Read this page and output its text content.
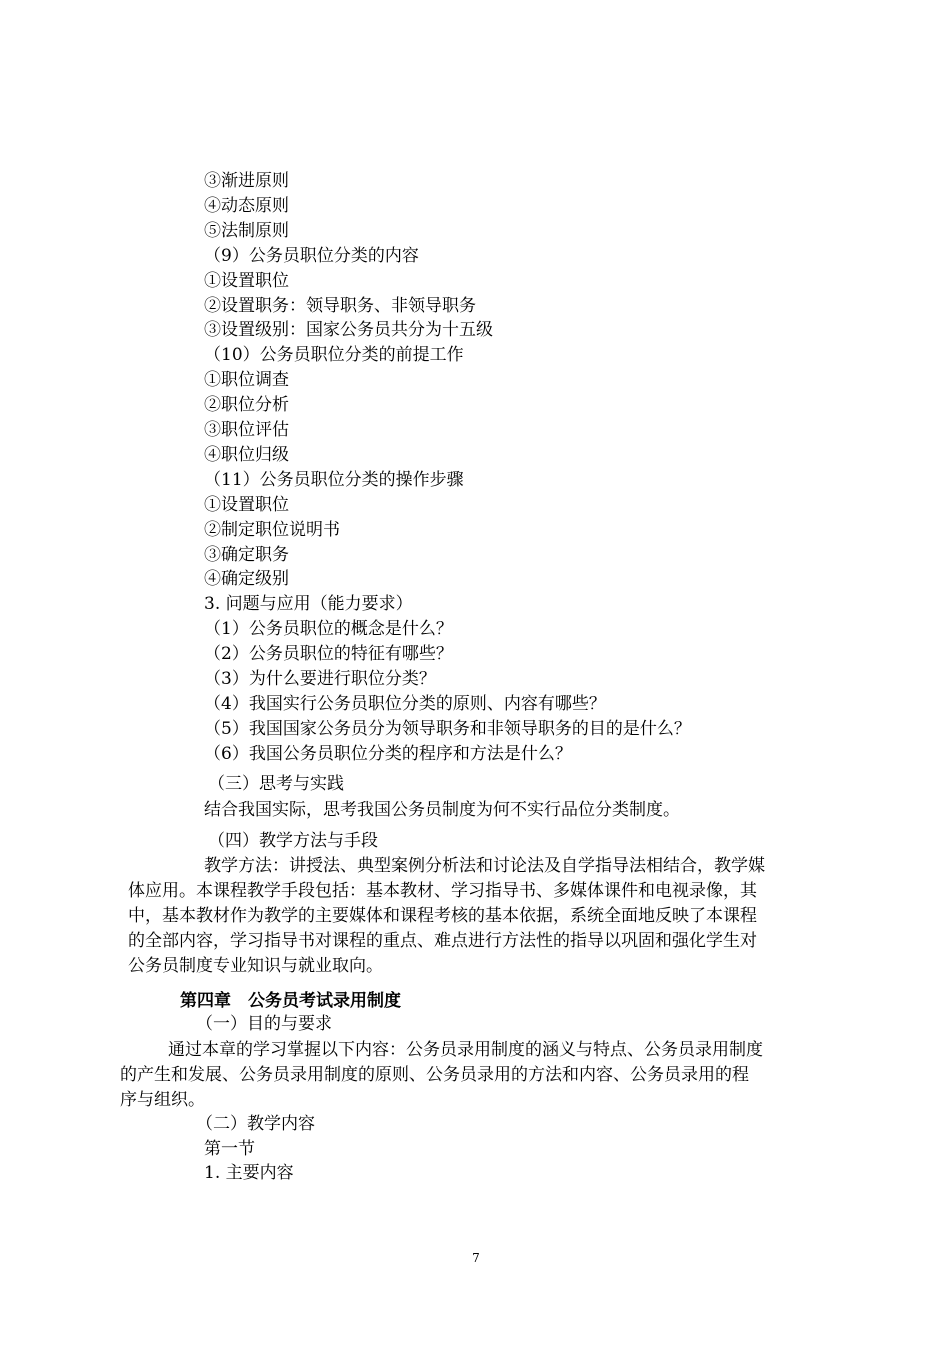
③渐进原则
④动态原则
⑤法制原则
（9）公务员职位分类的内容
①设置职位
②设置职务：领导职务、非领导职务
③设置级别：国家公务员共分为十五级
（10）公务员职位分类的前提工作
①职位调查
②职位分析
③职位评估
④职位归级
（11）公务员职位分类的操作步骤
①设置职位
②制定职位说明书
③确定职务
④确定级别
3. 问题与应用（能力要求）
（1）公务员职位的概念是什么？
（2）公务员职位的特征有哪些？
（3）为什么要进行职位分类？
（4）我国实行公务员职位分类的原则、内容有哪些？
（5）我国国家公务员分为领导职务和非领导职务的目的是什么？
（6）我国公务员职位分类的程序和方法是什么？
（三）思考与实践
结合我国实际，思考我国公务员制度为何不实行品位分类制度。
（四）教学方法与手段
教学方法：讲授法、典型案例分析法和讨论法及自学指导法相结合，教学媒
体应用。本课程教学手段包括：基本教材、学习指导书、多媒体课件和电视录像，其
中，基本教材作为教学的主要媒体和课程考核的基本依据，系统全面地反映了本课程
的全部内容，学习指导书对课程的重点、难点进行方法性的指导以巩固和强化学生对
公务员制度专业知识与就业取向。
第四章　公务员考试录用制度
（一）目的与要求
通过本章的学习掌握以下内容：公务员录用制度的涵义与特点、公务员录用制度
的产生和发展、公务员录用制度的原则、公务员录用的方法和内容、公务员录用的程
序与组织。
（二）教学内容
第一节
1. 主要内容
7
